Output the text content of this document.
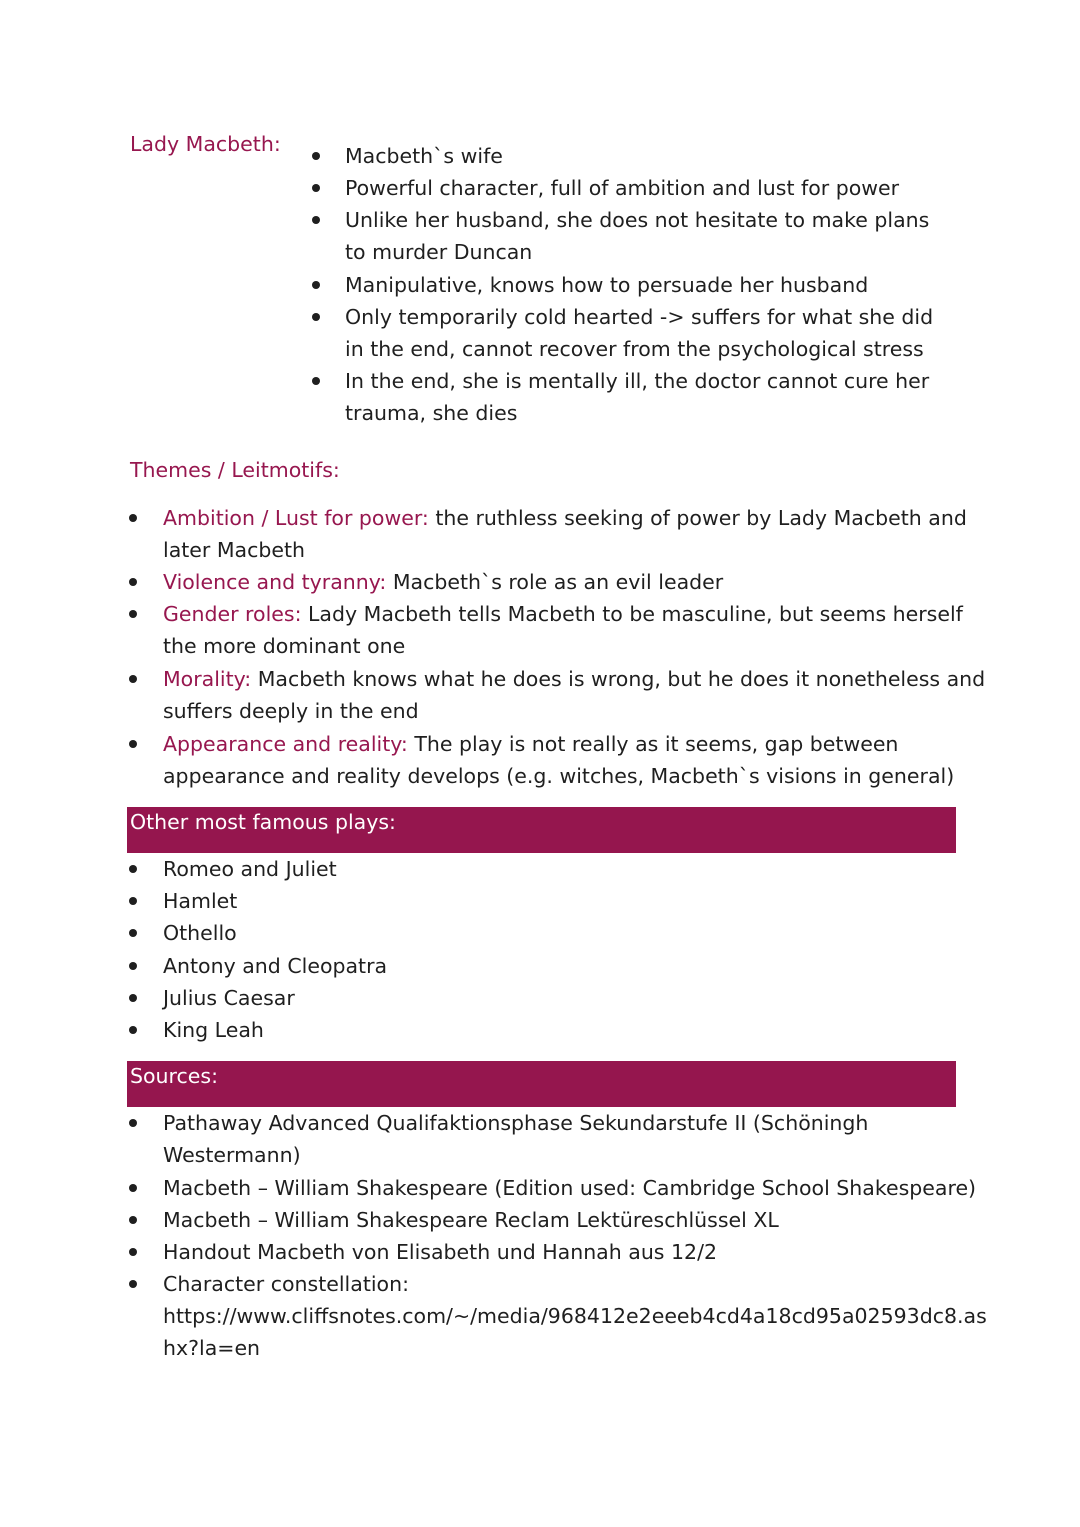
Lady Macbeth:	Macbeth`s wife
Powerful character, full of ambition and lust for power
Unlike her husband, she does not hesitate to make plans
to murder Duncan
Manipulative, knows how to persuade her husband
Only temporarily cold hearted -> suffers for what she did
in the end, cannot recover from the psychological stress
In the end, she is mentally ill, the doctor cannot cure her
trauma, she dies
Themes / Leitmotifs:
Ambition / Lust for power: the ruthless seeking of power by Lady Macbeth and
later Macbeth
Violence and tyranny: Macbeth`s role as an evil leader
Gender roles: Lady Macbeth tells Macbeth to be masculine, but seems herself
the more dominant one
Morality: Macbeth knows what he does is wrong, but he does it nonetheless and
suffers deeply in the end
Appearance and reality: The play is not really as it seems, gap between
appearance and reality develops (e.g. witches, Macbeth`s visions in general)
Other most famous plays:
Romeo and Juliet
Hamlet
Othello
Antony and Cleopatra
Julius Caesar
King Leah
Sources:
Pathaway Advanced Qualifaktionsphase Sekundarstufe II (Schöningh
Westermann)
Macbeth – William Shakespeare (Edition used: Cambridge School Shakespeare)
Macbeth – William Shakespeare Reclam Lektüreschlüssel XL
Handout Macbeth von Elisabeth und Hannah aus 12/2
Character constellation:
https://www.cliffsnotes.com/~/media/968412e2eeeb4cd4a18cd95a02593dc8.as
hx?la=en
